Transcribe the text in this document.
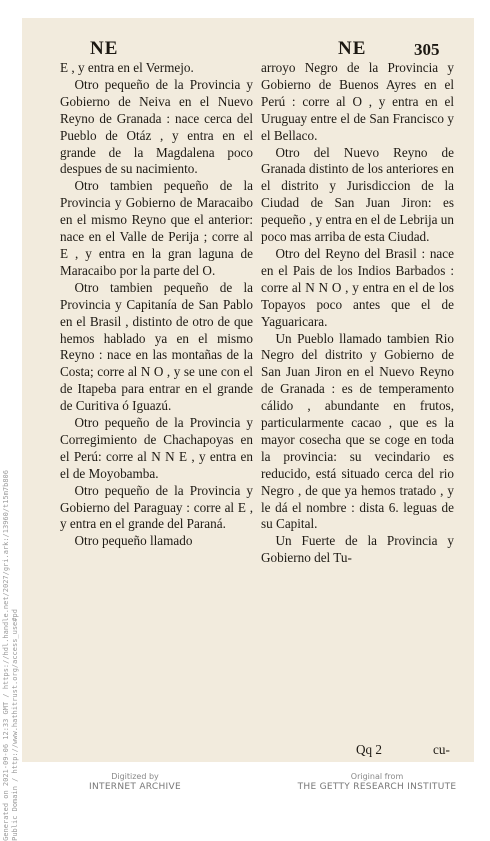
Generated on 2021-09-06 12:33 GMT / https://hdl.handle.net/2027/gri.ark:/13960/t15m7b806 Public Domain / http://www.hathitrust.org/access_use#pd
NE	NE	305

E , y entra en el Vermejo.

Otro pequeño de la Provincia y Gobierno de Neiva en el Nuevo Reyno de Granada : nace cerca del Pueblo de Otáz , y entra en el grande de la Magdalena poco despues de su nacimiento.

Otro tambien pequeño de la Provincia y Gobierno de Maracaibo en el mismo Reyno que el anterior: nace en el Valle de Perija ; corre al E , y entra en la gran laguna de Maracaibo por la parte del O.

Otro tambien pequeño de la Provincia y Capitanía de San Pablo en el Brasil , distinto de otro de que hemos hablado ya en el mismo Reyno : nace en las montañas de la Costa; corre al N O , y se une con el de Itapeba para entrar en el grande de Curitiva ó Iguazú.

Otro pequeño de la Provincia y Corregimiento de Chachapoyas en el Perú: corre al N N E , y entra en el de Moyobamba.

Otro pequeño de la Provincia y Gobierno del Paraguay : corre al E , y entra en el grande del Paraná.

Otro pequeño llamado

arroyo Negro de la Provincia y Gobierno de Buenos Ayres en el Perú : corre al O , y entra en el Uruguay entre el de San Francisco y el Bellaco.

Otro del Nuevo Reyno de Granada distinto de los anteriores en el distrito y Jurisdiccion de la Ciudad de San Juan Jiron: es pequeño , y entra en el de Lebrija un poco mas arriba de esta Ciudad.

Otro del Reyno del Brasil : nace en el Pais de los Indios Barbados : corre al N N O , y entra en el de los Topayos poco antes que el de Yaguaricara.

Un Pueblo llamado tambien Rio Negro del distrito y Gobierno de San Juan Jiron en el Nuevo Reyno de Granada : es de temperamento cálido , abundante en frutos, particularmente cacao , que es la mayor cosecha que se coge en toda la provincia: su vecindario es reducido, está situado cerca del rio Negro , de que ya hemos tratado , y le dá el nombre : dista 6. leguas de su Capital.

Un Fuerte de la Provincia y Gobierno del Tu-

Qq 2	cu-
Digitized by
INTERNET ARCHIVE
Original from
THE GETTY RESEARCH INSTITUTE
